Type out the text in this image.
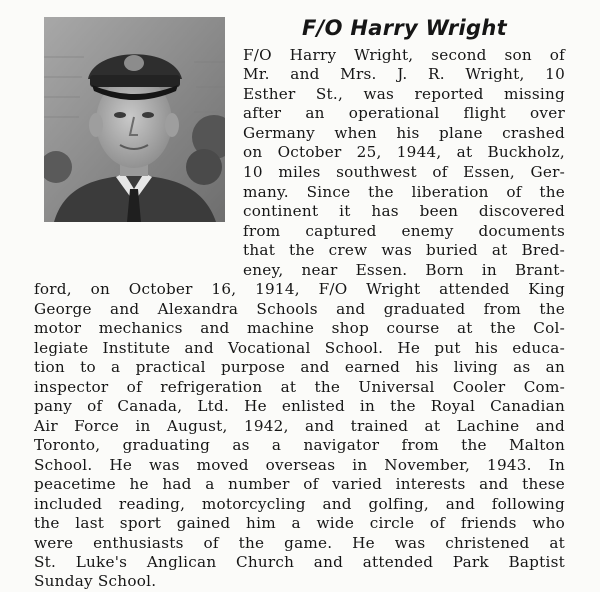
F/O Harry Wright
F/O Harry Wright, second son of
Mr. and Mrs. J. R. Wright, 10
Esther St., was reported missing
after an operational flight over
Germany when his plane crashed
on October 25, 1944, at Buckholz,
10 miles southwest of Essen, Ger-
many. Since the liberation of the
continent it has been discovered
from captured enemy documents
that the crew was buried at Bred-
eney, near Essen. Born in Brant-
ford, on October 16, 1914, F/O Wright attended King
George and Alexandra Schools and graduated from the
motor mechanics and machine shop course at the Col-
legiate Institute and Vocational School. He put his educa-
tion to a practical purpose and earned his living as an
inspector of refrigeration at the Universal Cooler Com-
pany of Canada, Ltd. He enlisted in the Royal Canadian
Air Force in August, 1942, and trained at Lachine and
Toronto, graduating as a navigator from the Malton
School. He was moved overseas in November, 1943. In
peacetime he had a number of varied interests and these
included reading, motorcycling and golfing, and following
the last sport gained him a wide circle of friends who
were enthusiasts of the game. He was christened at
St. Luke's Anglican Church and attended Park Baptist
Sunday School.
